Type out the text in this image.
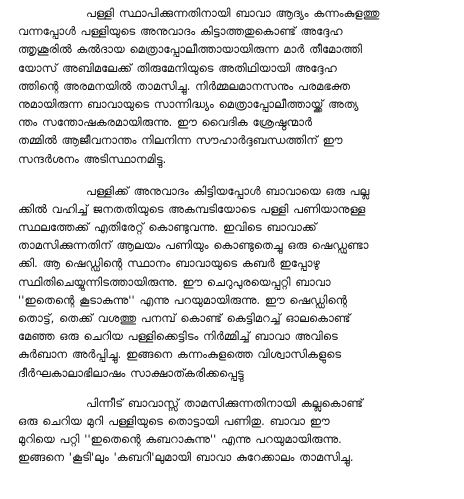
പള്ളി സ്ഥാപിക്കുന്നതിനായി ബാവാ ആദ്യം കന്നംകുളത്തു
വന്നപ്പോൾ പള്ളിയുടെ അനുവാദം കിട്ടാത്തതുകൊണ്ട് അദ്ദേഹ
ത്തൃശൂരിൽ കൽദായ മെത്രാപ്പോലീത്തായായിരുന്ന മാർ തീമോത്തി
യോസ് അബിമലേക്ക് തിരുമേനിയുടെ അതിഥിയായി അദ്ദേഹ
ത്തിന്റെ അരമനയിൽ താമസിച്ചു. നിർമ്മലമാനസനും പരമഭക്ത
നുമായിരുന്ന ബാവായുടെ സാന്നിദ്ധ്യം മെത്രാപ്പോലീത്തായ്ക്ക് അത്യ
ന്തം സന്തോഷകരമായിരുന്നു. ഈ വൈദിക ശ്രേഷ്ഠന്മാർ
തമ്മിൽ ആജീവനാന്തം നിലനിന്ന സൗഹാർദ്ദബന്ധത്തിന് ഈ
സന്ദർശനം അടിസ്ഥാനമിട്ടു.
പള്ളിക്ക് അനുവാദം കിട്ടിയപ്പോൾ ബാവായെ ഒരു പല്ല
ക്കിൽ വഹിച്ച് ജനതതിയുടെ അകമ്പടിയോടെ പള്ളി പണിയാനുള്ള
സ്ഥലത്തേക്ക് എതിരേറ്റ് കൊണ്ടുവന്നു. ഇവിടെ ബാവാക്ക്
താമസിക്കുന്നതിന് ആലയം പണിയും കൊണ്ടുതെച്ചു ഒരു ഷെഡ്ഡുണ്ടാ
ക്കി. ആ ഷെഡ്ഡിന്റെ സ്ഥാനം ബാവായുടെ കബർ ഇപ്പോഴു
സ്ഥിതിചെയ്യുന്നിടത്തായിരുന്നു. ഈ ചെറുപുരയെപ്പറ്റി ബാവാ
''ഇതെന്റെ കൂടാകുന്നു'' എന്നു പറയുമായിരുന്നു. ഈ ഷെഡ്ഡിന്റെ
തൊട്ട്, തെക്ക് വശത്തു പനമ്പ് കൊണ്ട് കെട്ടിമറച്ച് ഓലകൊണ്ട്
മേഞ്ഞ ഒരു ചെറിയ പള്ളിക്കെട്ടിടം നിർമ്മിച്ച് ബാവാ അവിടെ
കുർബാന അർപ്പിച്ചു. ഇങ്ങനെ കന്നംകുളത്തെ വിശ്വാസികളുടെ
ദീർഘകാലാഭിലാഷം സാക്ഷാത്കരിക്കപ്പെട്ടു
പിന്നീട് ബാവാസ്സ് താമസിക്കുന്നതിനായി കല്ലുകൊണ്ട്
ഒരു ചെറിയ മുറി പള്ളിയുടെ തൊട്ടായി പണിതു. ബാവാ ഈ
മുറിയെ പറ്റി ''ഇതെന്റെ കബറാകുന്നു'' എന്നു പറയുമായിരുന്നു.
ഇങ്ങനെ 'കൂടി'ലും 'കബറി'ലുമായി ബാവാ കുറേക്കാലം താമസിച്ചു.
